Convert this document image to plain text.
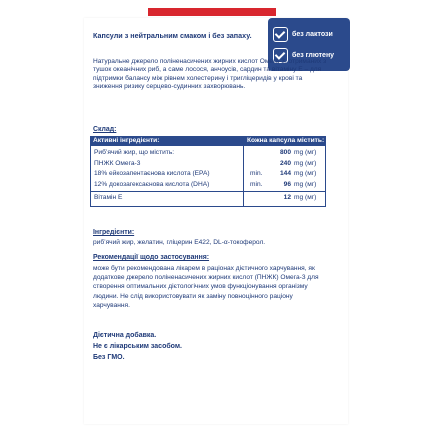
Капсули з нейтральним смаком і без запаху.	без лактози
без глютену
Натуральне джерело поліненасичених жирних кислот Омега-3, отриманих з тушок океанічних риб, а саме лосося, анчоусів, сардин та вітаміну Е – для підтримки балансу між рівнем холестерину і тригліцеридів у крові та зниження ризику серцево-судинних захворювань.
Склад:
Активні інгредієнти:	Кожна капсула містить:
Риб’ячий жир, що містить:	800 mg (мг)
ПНЖК Омега-3	240 mg (мг)
18% ейкозапентаєнова кислота (EPA)	min.	144 mg (мг)
12% докозагексаєнова кислота (DHA)	min.	96 mg (мг)
Вітамін Е	12 mg (мг)
Інгредієнти:
риб’ячий жир, желатин, гліцерин Е422, DL-α-токоферол.
Рекомендації щодо застосування:
може бути рекомендована лікарем в раціонах дієтичного харчування, як додаткове джерело поліненасичених жирних кислот (ПНЖК) Омега-3 для створення оптимальних дієтологічних умов функціонування організму людини. Не слід використовувати як заміну повноцінного раціону харчування.
Дієтична добавка.
Не є лікарським засобом.
Без ГМО.
